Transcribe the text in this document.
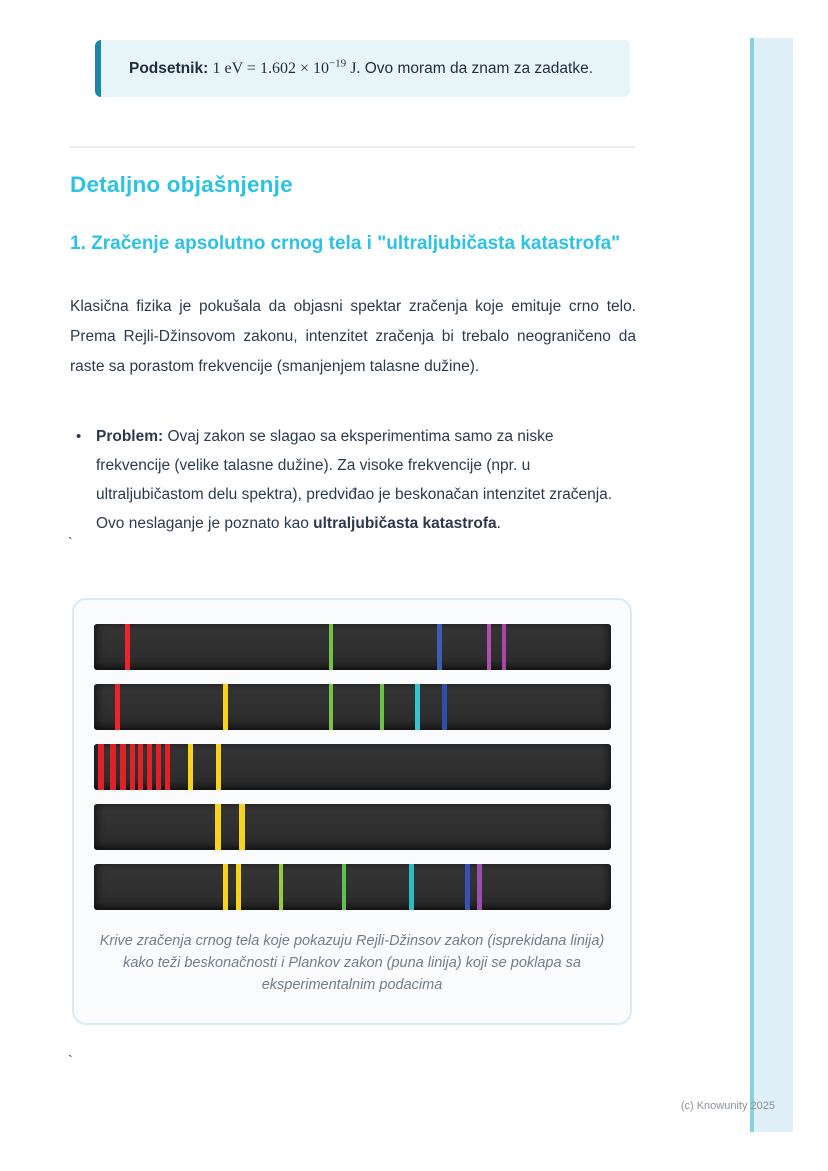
Podsetnik: 1 eV = $1.602 \times 10^{-19}$ J. Ovo moram da znam za zadatke.

Detaljno objašnjenje
1. Zračenje apsolutno crnog tela i "ultraljubičasta katastrofa"

Klasična fizika je pokušala da objasni spektar zračenja koje emituje crno telo. Prema Rejli-Džinsovom zakonu, intenzitet zračenja bi trebalo neograničeno da raste sa porastom frekvencije (smanjenjem talasne dužine).

• Problem: Ovaj zakon se slagao sa eksperimentima samo za niske frekvencije (velike talasne dužine). Za visoke frekvencije (npr. u ultraljubičastom delu spektra), predviđao je beskonačan intenzitet zračenja. Ovo neslaganje je poznato kao ultraljubičasta katastrofa.
`
Krive zračenja crnog tela koje pokazuju Rejli-Džinsov zakon (isprekidana linija) kako teži beskonačnosti i Plankov zakon (puna linija) koji se poklapa sa eksperimentalnim podacima
`
(c) Knowunity 2025
